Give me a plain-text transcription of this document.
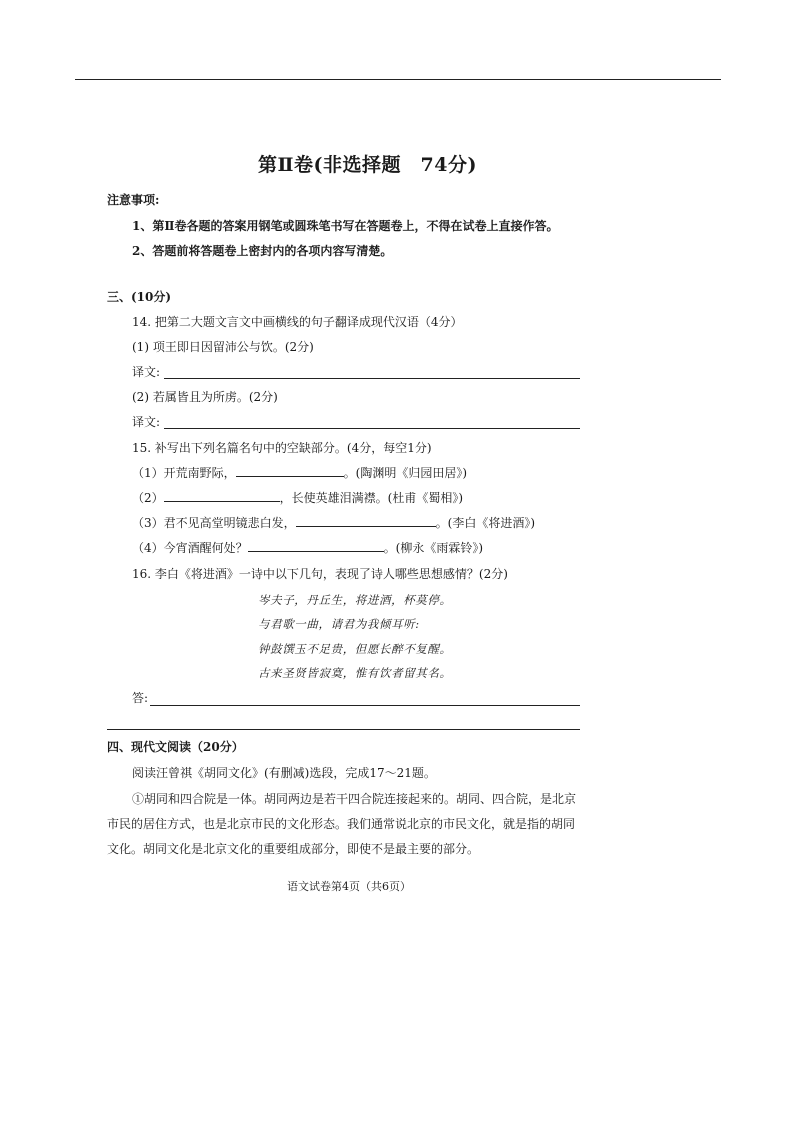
第Ⅱ卷(非选择题　74分)
注意事项:
1、第Ⅱ卷各题的答案用钢笔或圆珠笔书写在答题卷上，不得在试卷上直接作答。
2、答题前将答题卷上密封内的各项内容写清楚。
三、(10分)
14. 把第二大题文言文中画横线的句子翻译成现代汉语（4分）
(1) 项王即日因留沛公与饮。(2分)
译文:
(2) 若属皆且为所虏。(2分)
译文:
15. 补写出下列名篇名句中的空缺部分。(4分，每空1分)
（1）开荒南野际，	。(陶渊明《归园田居》)
（2）	，长使英雄泪满襟。(杜甫《蜀相》)
（3）君不见高堂明镜悲白发，	。(李白《将进酒》)
（4）今宵酒醒何处？	。(柳永《雨霖铃》)
16. 李白《将进酒》一诗中以下几句，表现了诗人哪些思想感情？(2分)
岑夫子，丹丘生，将进酒，杯莫停。
与君歌一曲，请君为我倾耳听:
钟鼓馔玉不足贵，但愿长醉不复醒。
古来圣贤皆寂寞，惟有饮者留其名。
答:
四、现代文阅读（20分）
阅读汪曾祺《胡同文化》(有删减)选段，完成17～21题。
①胡同和四合院是一体。胡同两边是若干四合院连接起来的。胡同、四合院，是北京
市民的居住方式，也是北京市民的文化形态。我们通常说北京的市民文化，就是指的胡同
文化。胡同文化是北京文化的重要组成部分，即使不是最主要的部分。
语文试卷第4页（共6页）
